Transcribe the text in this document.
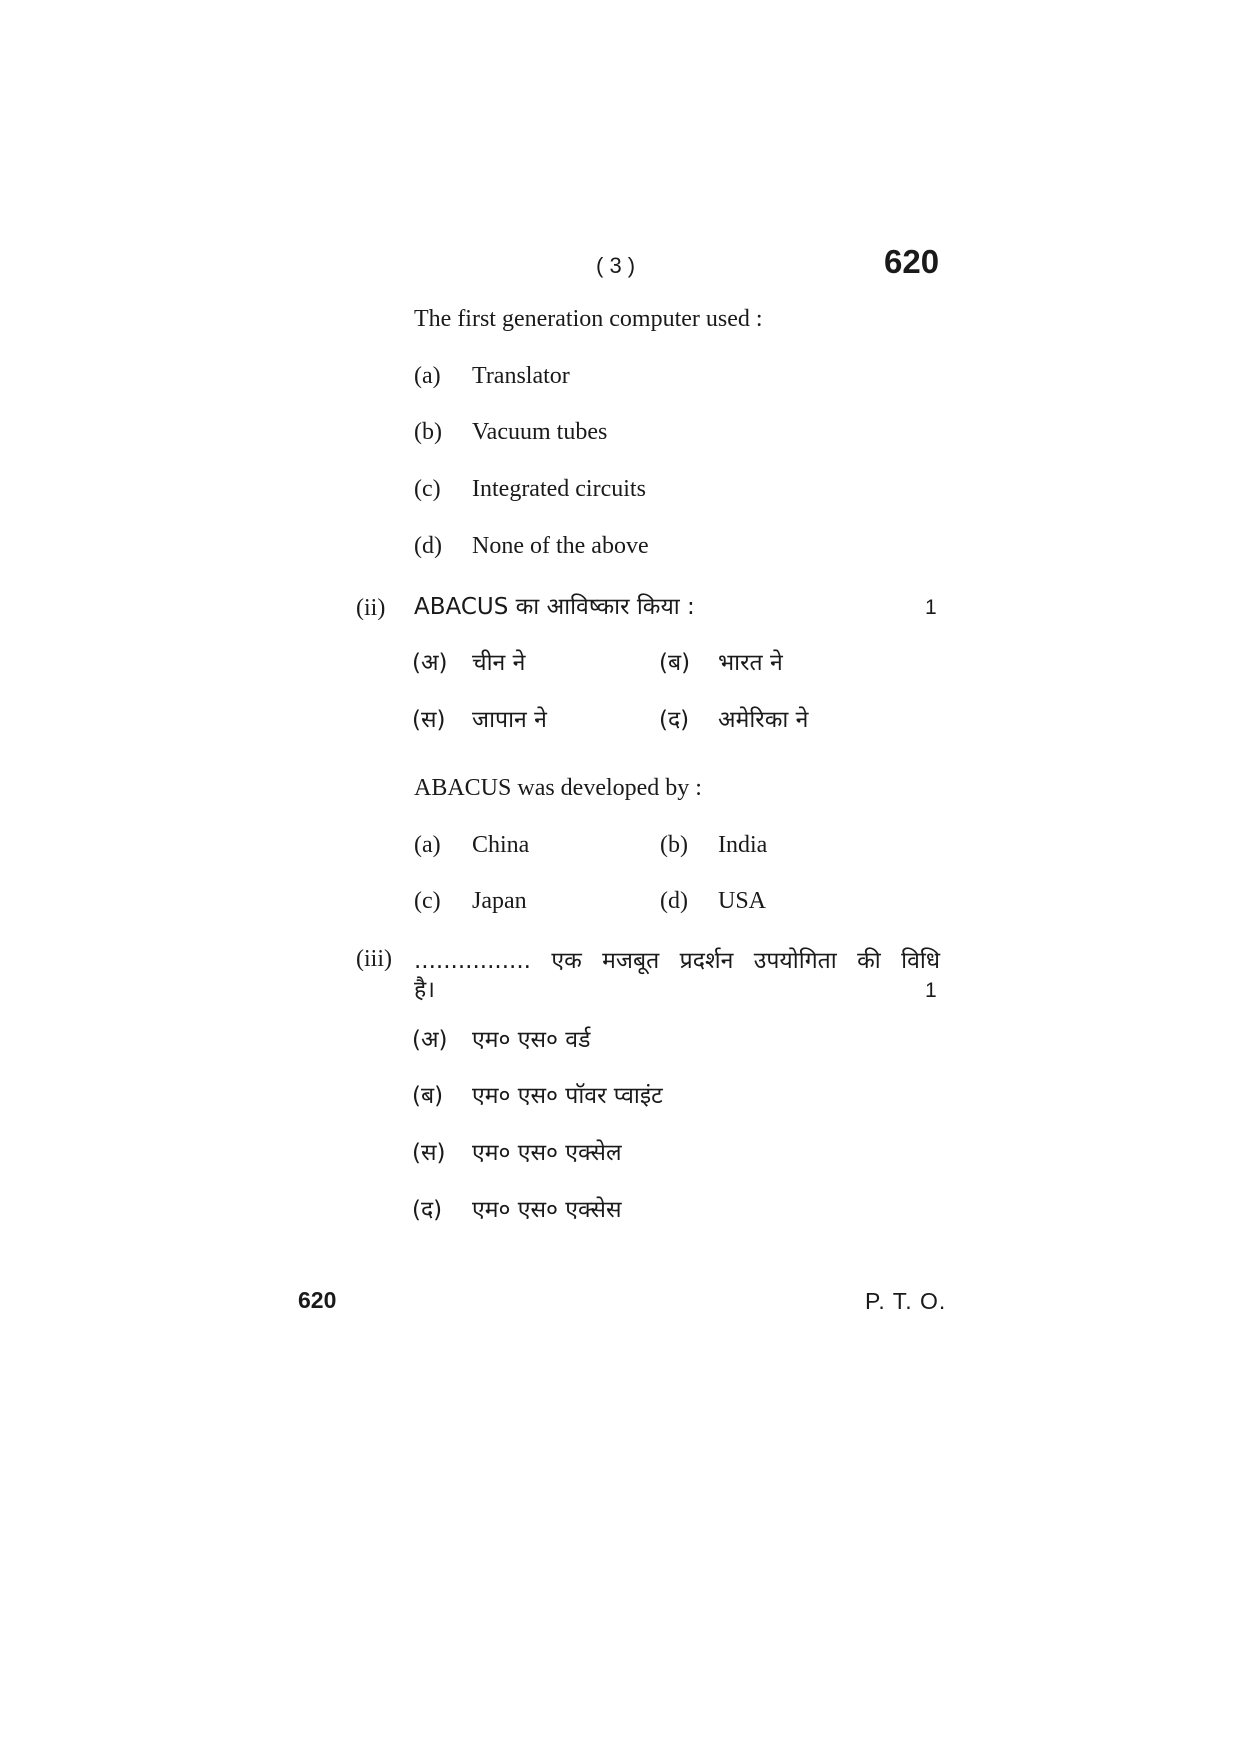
( 3 )	620
The first generation computer used :
(a) Translator
(b) Vacuum tubes
(c) Integrated circuits
(d) None of the above
(ii) ABACUS का आविष्कार किया :	1
(अ) चीन ने	(ब) भारत ने
(स) जापान ने	(द) अमेरिका ने
ABACUS was developed by :
(a) China	(b) India
(c) Japan	(d) USA
(iii) ................ एक मजबूत प्रदर्शन उपयोगिता की विधि
है।	1
(अ) एम० एस० वर्ड
(ब) एम० एस० पॉवर प्वाइंट
(स) एम० एस० एक्सेल
(द) एम० एस० एक्सेस
620	P. T. O.
